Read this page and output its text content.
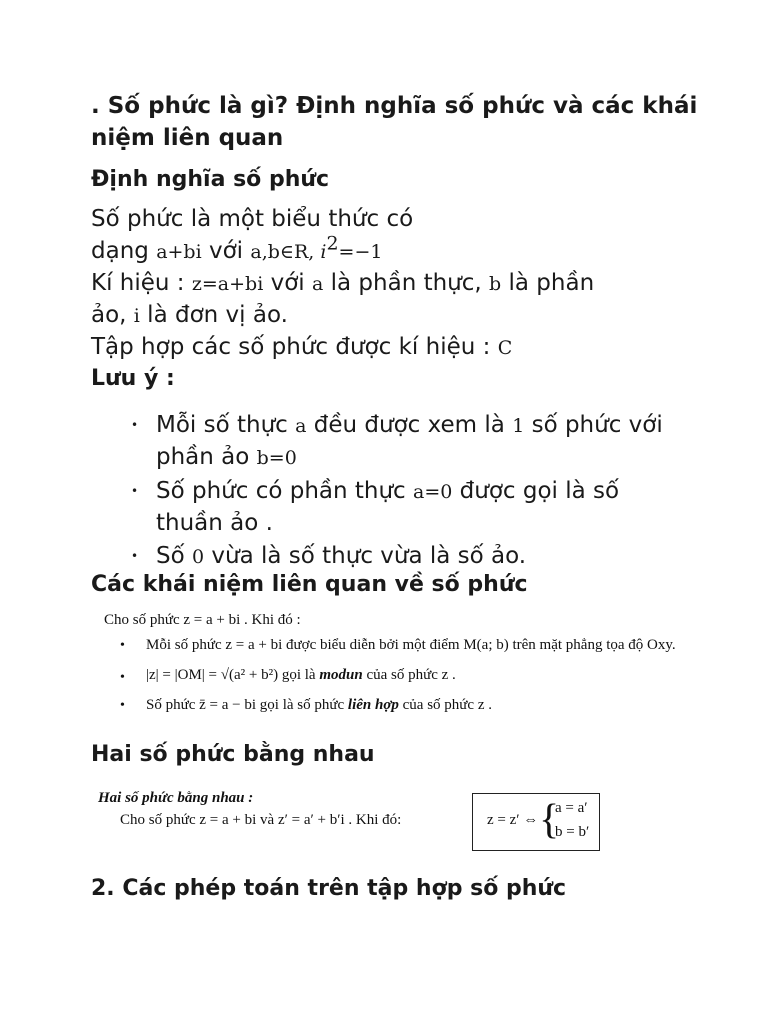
. Số phức là gì? Định nghĩa số phức và các khái niệm liên quan
Định nghĩa số phức

Số phức là một biểu thức có

dạng a+bi với a,b∈R, $i^2=-1$

Kí hiệu : z=a+bi với a là phần thực, b là phần

ảo, i là đơn vị ảo.

Tập hợp các số phức được kí hiệu : C

Lưu ý :
• Mỗi số thực a đều được xem là 1 số phức với phần ảo b=0
• Số phức có phần thực a=0 được gọi là số thuần ảo .
• Số 0 vừa là số thực vừa là số ảo.
Các khái niệm liên quan về số phức
Cho số phức z = a + bi . Khi đó :
• Mỗi số phức z = a + bi được biểu diễn bởi một điểm M(a; b) trên mặt phẳng tọa độ Oxy.
• |z| = |OM| = √(a² + b²) gọi là modun của số phức z .
• Số phức z̄ = a − bi gọi là số phức liên hợp của số phức z .
Hai số phức bằng nhau
Hai số phức bằng nhau :
Cho số phức z = a + bi và z′ = a′ + b′i . Khi đó:	z = z′ ⇔ {
a = a′
b = b′
2. Các phép toán trên tập hợp số phức
